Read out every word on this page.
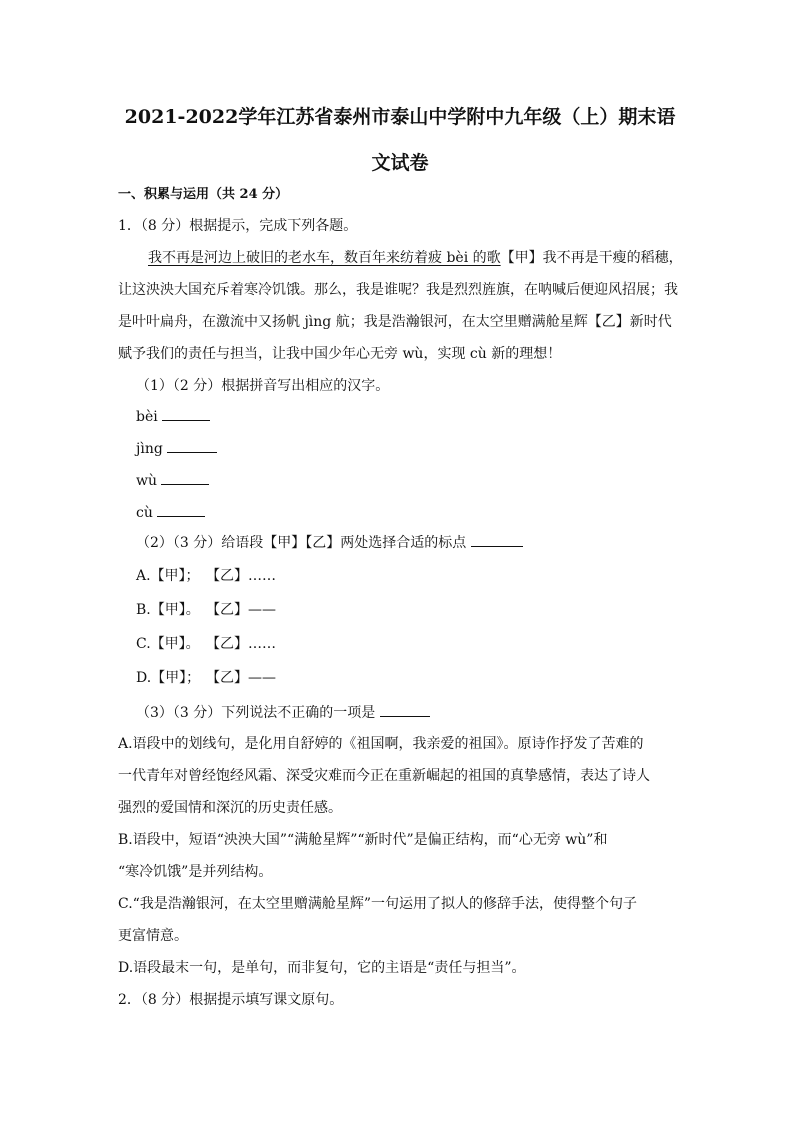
2021-2022学年江苏省泰州市泰山中学附中九年级（上）期末语
文试卷
一、积累与运用（共 24 分）
1．（8 分）根据提示，完成下列各题。
我不再是河边上破旧的老水车，数百年来纺着疲 bèi 的歌【甲】我不再是干瘦的稻穗，
让这泱泱大国充斥着寒冷饥饿。那么，我是谁呢？我是烈烈旌旗，在呐喊后便迎风招展；我
是叶叶扁舟，在激流中又扬帆 jìng 航；我是浩瀚银河，在太空里赠满舱星辉【乙】新时代
赋予我们的责任与担当，让我中国少年心无旁 wù，实现 cù 新的理想！
（1）（2 分）根据拼音写出相应的汉字。
bèi
jìng
wù
cù
（2）（3 分）给语段【甲】【乙】两处选择合适的标点
A.【甲】； 【乙】……
B.【甲】。 【乙】——
C.【甲】。 【乙】……
D.【甲】； 【乙】——
（3）（3 分）下列说法不正确的一项是
A.语段中的划线句，是化用自舒婷的《祖国啊，我亲爱的祖国》。原诗作抒发了苦难的
一代青年对曾经饱经风霜、深受灾难而今正在重新崛起的祖国的真挚感情，表达了诗人
强烈的爱国情和深沉的历史责任感。
B.语段中，短语“泱泱大国”“满舱星辉”“新时代”是偏正结构，而“心无旁 wù”和
“寒冷饥饿”是并列结构。
C.“我是浩瀚银河，在太空里赠满舱星辉”一句运用了拟人的修辞手法，使得整个句子
更富情意。
D.语段最末一句，是单句，而非复句，它的主语是“责任与担当”。
2．（8 分）根据提示填写课文原句。
